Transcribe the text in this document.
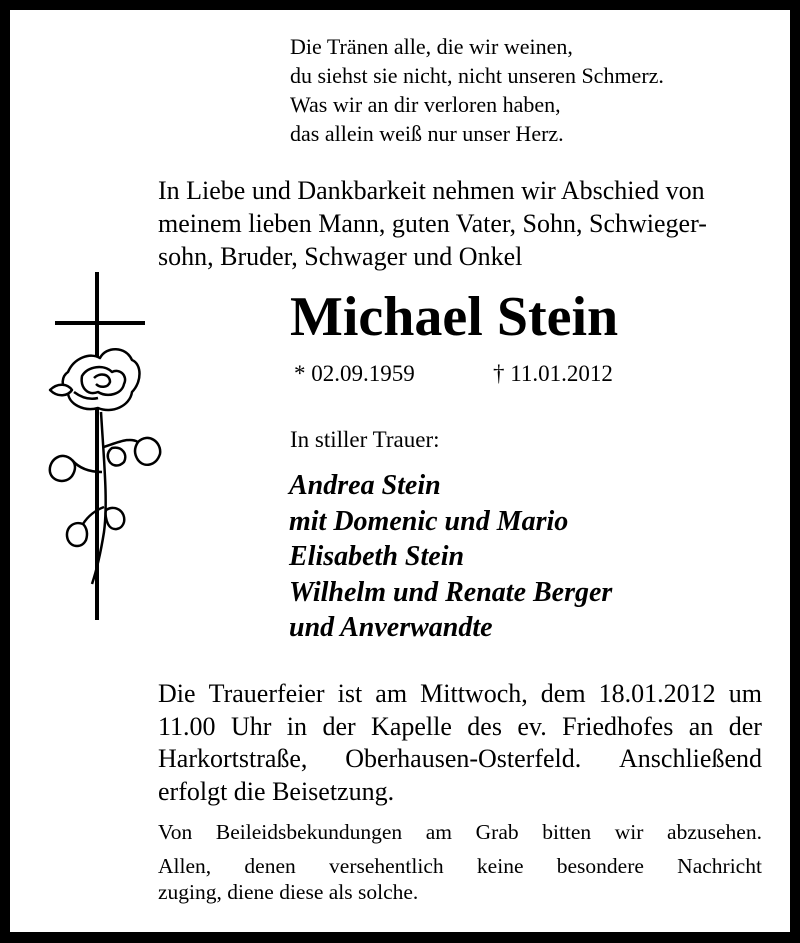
Die Tränen alle, die wir weinen,
du siehst sie nicht, nicht unseren Schmerz.
Was wir an dir verloren haben,
das allein weiß nur unser Herz.
In Liebe und Dankbarkeit nehmen wir Abschied von
meinem lieben Mann, guten Vater, Sohn, Schwieger-
sohn, Bruder, Schwager und Onkel
Michael Stein
* 02.09.1959	† 11.01.2012
In stiller Trauer:
Andrea Stein
mit Domenic und Mario
Elisabeth Stein
Wilhelm und Renate Berger
und Anverwandte
Die Trauerfeier ist am Mittwoch, dem 18.01.2012 um
11.00 Uhr in der Kapelle des ev. Friedhofes an der
Harkortstraße, Oberhausen-Osterfeld. Anschließend
erfolgt die Beisetzung.
Von Beileidsbekundungen am Grab bitten wir abzusehen.
Allen, denen versehentlich keine besondere Nachricht
zuging, diene diese als solche.
